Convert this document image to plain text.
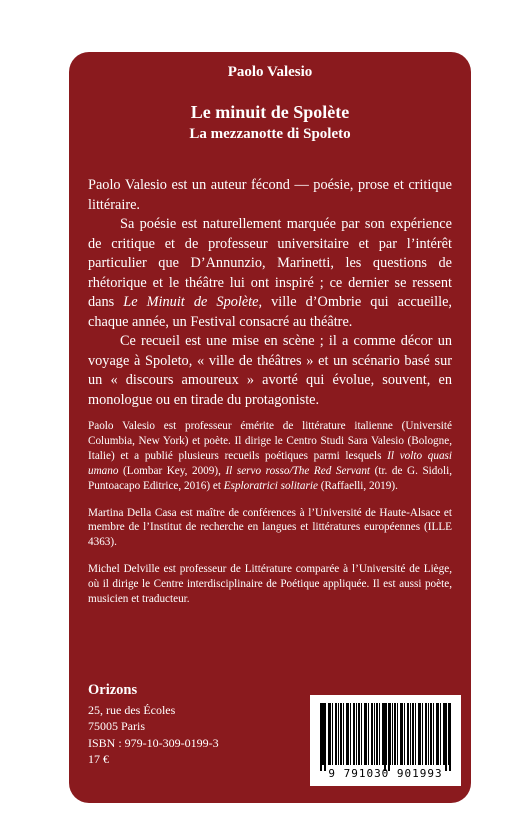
Paolo Valesio
Le minuit de Spolète
La mezzanotte di Spoleto

Paolo Valesio est un auteur fécond — poésie, prose et critique littéraire.

Sa poésie est naturellement marquée par son expérience de critique et de professeur universitaire et par l’intérêt particulier que D’Annunzio, Marinetti, les questions de rhétorique et le théâtre lui ont inspiré ; ce dernier se ressent dans Le Minuit de Spolète, ville d’Ombrie qui accueille, chaque année, un Festival consacré au théâtre.

Ce recueil est une mise en scène ; il a comme décor un voyage à Spoleto, « ville de théâtres » et un scénario basé sur un « discours amoureux » avorté qui évolue, souvent, en monologue ou en tirade du protagoniste.

Paolo Valesio est professeur émérite de littérature italienne (Université Columbia, New York) et poète. Il dirige le Centro Studi Sara Valesio (Bologne, Italie) et a publié plusieurs recueils poétiques parmi lesquels Il volto quasi umano (Lombar Key, 2009), Il servo rosso/The Red Servant (tr. de G. Sidoli, Puntoacapo Editrice, 2016) et Esploratrici solitarie (Raffaelli, 2019).

Martina Della Casa est maître de conférences à l’Université de Haute-Alsace et membre de l’Institut de recherche en langues et littératures européennes (ILLE 4363).

Michel Delville est professeur de Littérature comparée à l’Université de Liège, où il dirige le Centre interdisciplinaire de Poétique appliquée. Il est aussi poète, musicien et traducteur.

Orizons
25, rue des Écoles
75005 Paris
ISBN : 979-10-309-0199-3
17 €
9 791030 901993
